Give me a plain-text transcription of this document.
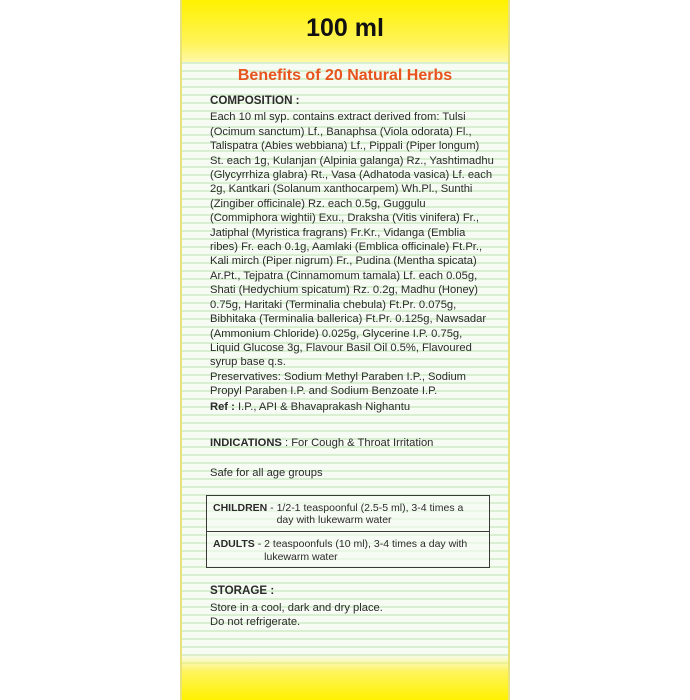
100 ml
Benefits of 20 Natural Herbs
COMPOSITION :

Each 10 ml syp. contains extract derived from: Tulsi (Ocimum sanctum) Lf., Banaphsa (Viola odorata) Fl., Talispatra (Abies webbiana) Lf., Pippali (Piper longum) St. each 1g, Kulanjan (Alpinia galanga) Rz., Yashtimadhu (Glycyrrhiza glabra) Rt., Vasa (Adhatoda vasica) Lf. each 2g, Kantkari (Solanum xanthocarpem) Wh.Pl., Sunthi (Zingiber officinale) Rz. each 0.5g, Guggulu (Commiphora wightii) Exu., Draksha (Vitis vinifera) Fr., Jatiphal (Myristica fragrans) Fr.Kr., Vidanga (Emblia ribes) Fr. each 0.1g, Aamlaki (Emblica officinale) Ft.Pr., Kali mirch (Piper nigrum) Fr., Pudina (Mentha spicata) Ar.Pt., Tejpatra (Cinnamomum tamala) Lf. each 0.05g, Shati (Hedychium spicatum) Rz. 0.2g, Madhu (Honey) 0.75g, Haritaki (Terminalia chebula) Ft.Pr. 0.075g, Bibhitaka (Terminalia ballerica) Ft.Pr. 0.125g, Nawsadar (Ammonium Chloride) 0.025g, Glycerine I.P. 0.75g, Liquid Glucose 3g, Flavour Basil Oil 0.5%, Flavoured syrup base q.s.

Preservatives: Sodium Methyl Paraben I.P., Sodium Propyl Paraben I.P. and Sodium Benzoate I.P.

Ref : I.P., API & Bhavaprakash Nighantu
INDICATIONS : For Cough & Throat Irritation
Safe for all age groups
CHILDREN - 1/2-1 teaspoonful (2.5-5 ml), 3-4 times a day with lukewarm water
ADULTS - 2 teaspoonfuls (10 ml), 3-4 times a day with lukewarm water
STORAGE :
Store in a cool, dark and dry place.
Do not refrigerate.
